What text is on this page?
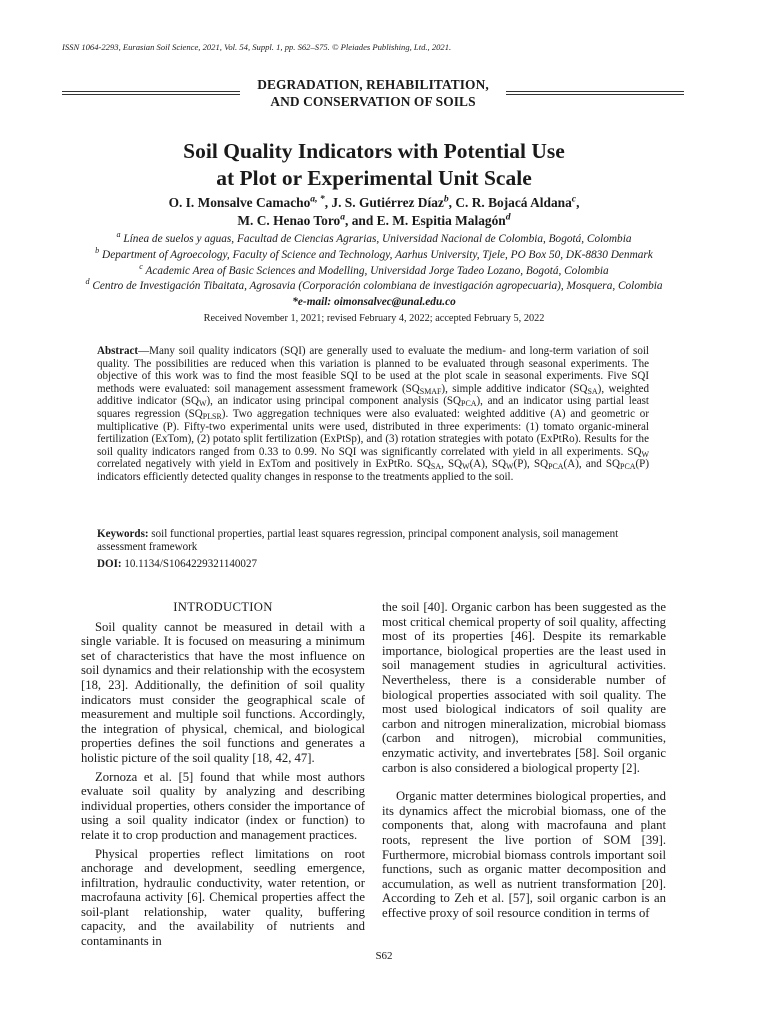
ISSN 1064-2293, Eurasian Soil Science, 2021, Vol. 54, Suppl. 1, pp. S62–S75. © Pleiades Publishing, Ltd., 2021.
DEGRADATION, REHABILITATION,
AND CONSERVATION OF SOILS
Soil Quality Indicators with Potential Use
at Plot or Experimental Unit Scale
O. I. Monsalve Camacho$^{a, *}$, J. S. Gutiérrez Díaz$^b$, C. R. Bojacá Aldana$^c$,
M. C. Henao Toro$^a$, and E. M. Espitia Malagón$^d$
$^a$ Línea de suelos y aguas, Facultad de Ciencias Agrarias, Universidad Nacional de Colombia, Bogotá, Colombia
$^b$ Department of Agroecology, Faculty of Science and Technology, Aarhus University, Tjele, PO Box 50, DK-8830 Denmark
$^c$ Academic Area of Basic Sciences and Modelling, Universidad Jorge Tadeo Lozano, Bogotá, Colombia
$^d$ Centro de Investigación Tibaitata, Agrosavia (Corporación colombiana de investigación agropecuaria), Mosquera, Colombia
*e-mail: oimonsalvec@unal.edu.co
Received November 1, 2021; revised February 4, 2022; accepted February 5, 2022
Abstract—Many soil quality indicators (SQI) are generally used to evaluate the medium- and long-term variation of soil quality. The possibilities are reduced when this variation is planned to be evaluated through seasonal experiments. The objective of this work was to find the most feasible SQI to be used at the plot scale in seasonal experiments. Five SQI methods were evaluated: soil management assessment framework $(SQ_{SMAF})$, simple additive indicator $(SQ_{SA})$, weighted additive indicator $(SQ_W)$, an indicator using principal component analysis $(SQ_{PCA})$, and an indicator using partial least squares regression $(SQ_{PLSR})$. Two aggregation techniques were also evaluated: weighted additive (A) and geometric or multiplicative (P). Fifty-two experimental units were used, distributed in three experiments: (1) tomato organic-mineral fertilization (ExTom), (2) potato split fertilization (ExPtSp), and (3) rotation strategies with potato (ExPtRo). Results for the soil quality indicators ranged from 0.33 to 0.99. No SQI was significantly correlated with yield in all experiments. $SQ_W$ correlated negatively with yield in ExTom and positively in ExPtRo. $SQ_{SA}$, $SQ_W(A)$, $SQ_W(P)$, $SQ_{PCA}(A)$, and $SQ_{PCA}(P)$ indicators efficiently detected quality changes in response to the treatments applied to the soil.
Keywords: soil functional properties, partial least squares regression, principal component analysis, soil management assessment framework
DOI: 10.1134/S1064229321140027
INTRODUCTION

Soil quality cannot be measured in detail with a single variable. It is focused on measuring a minimum set of characteristics that have the most influence on soil dynamics and their relationship with the ecosystem [18, 23]. Additionally, the definition of soil quality indicators must consider the geographical scale of measurement and multiple soil functions. Accordingly, the integration of physical, chemical, and biological properties defines the soil functions and generates a holistic picture of the soil quality [18, 42, 47].

Zornoza et al. [5] found that while most authors evaluate soil quality by analyzing and describing individual properties, others consider the importance of using a soil quality indicator (index or function) to relate it to crop production and management practices.

Physical properties reflect limitations on root anchorage and development, seedling emergence, infiltration, hydraulic conductivity, water retention, or macrofauna activity [6]. Chemical properties affect the soil-plant relationship, water quality, buffering capacity, and the availability of nutrients and contaminants in

the soil [40]. Organic carbon has been suggested as the most critical chemical property of soil quality, affecting most of its properties [46]. Despite its remarkable importance, biological properties are the least used in soil management studies in agricultural activities. Nevertheless, there is a considerable number of biological properties associated with soil quality. The most used biological indicators of soil quality are carbon and nitrogen mineralization, microbial biomass (carbon and nitrogen), microbial communities, enzymatic activity, and invertebrates [58]. Soil organic carbon is also considered a biological property [2].

Organic matter determines biological properties, and its dynamics affect the microbial biomass, one of the components that, along with macrofauna and plant roots, represent the live portion of SOM [39]. Furthermore, microbial biomass controls important soil functions, such as organic matter decomposition and accumulation, as well as nutrient transformation [20]. According to Zeh et al. [57], soil organic carbon is an effective proxy of soil resource condition in terms of

S62
